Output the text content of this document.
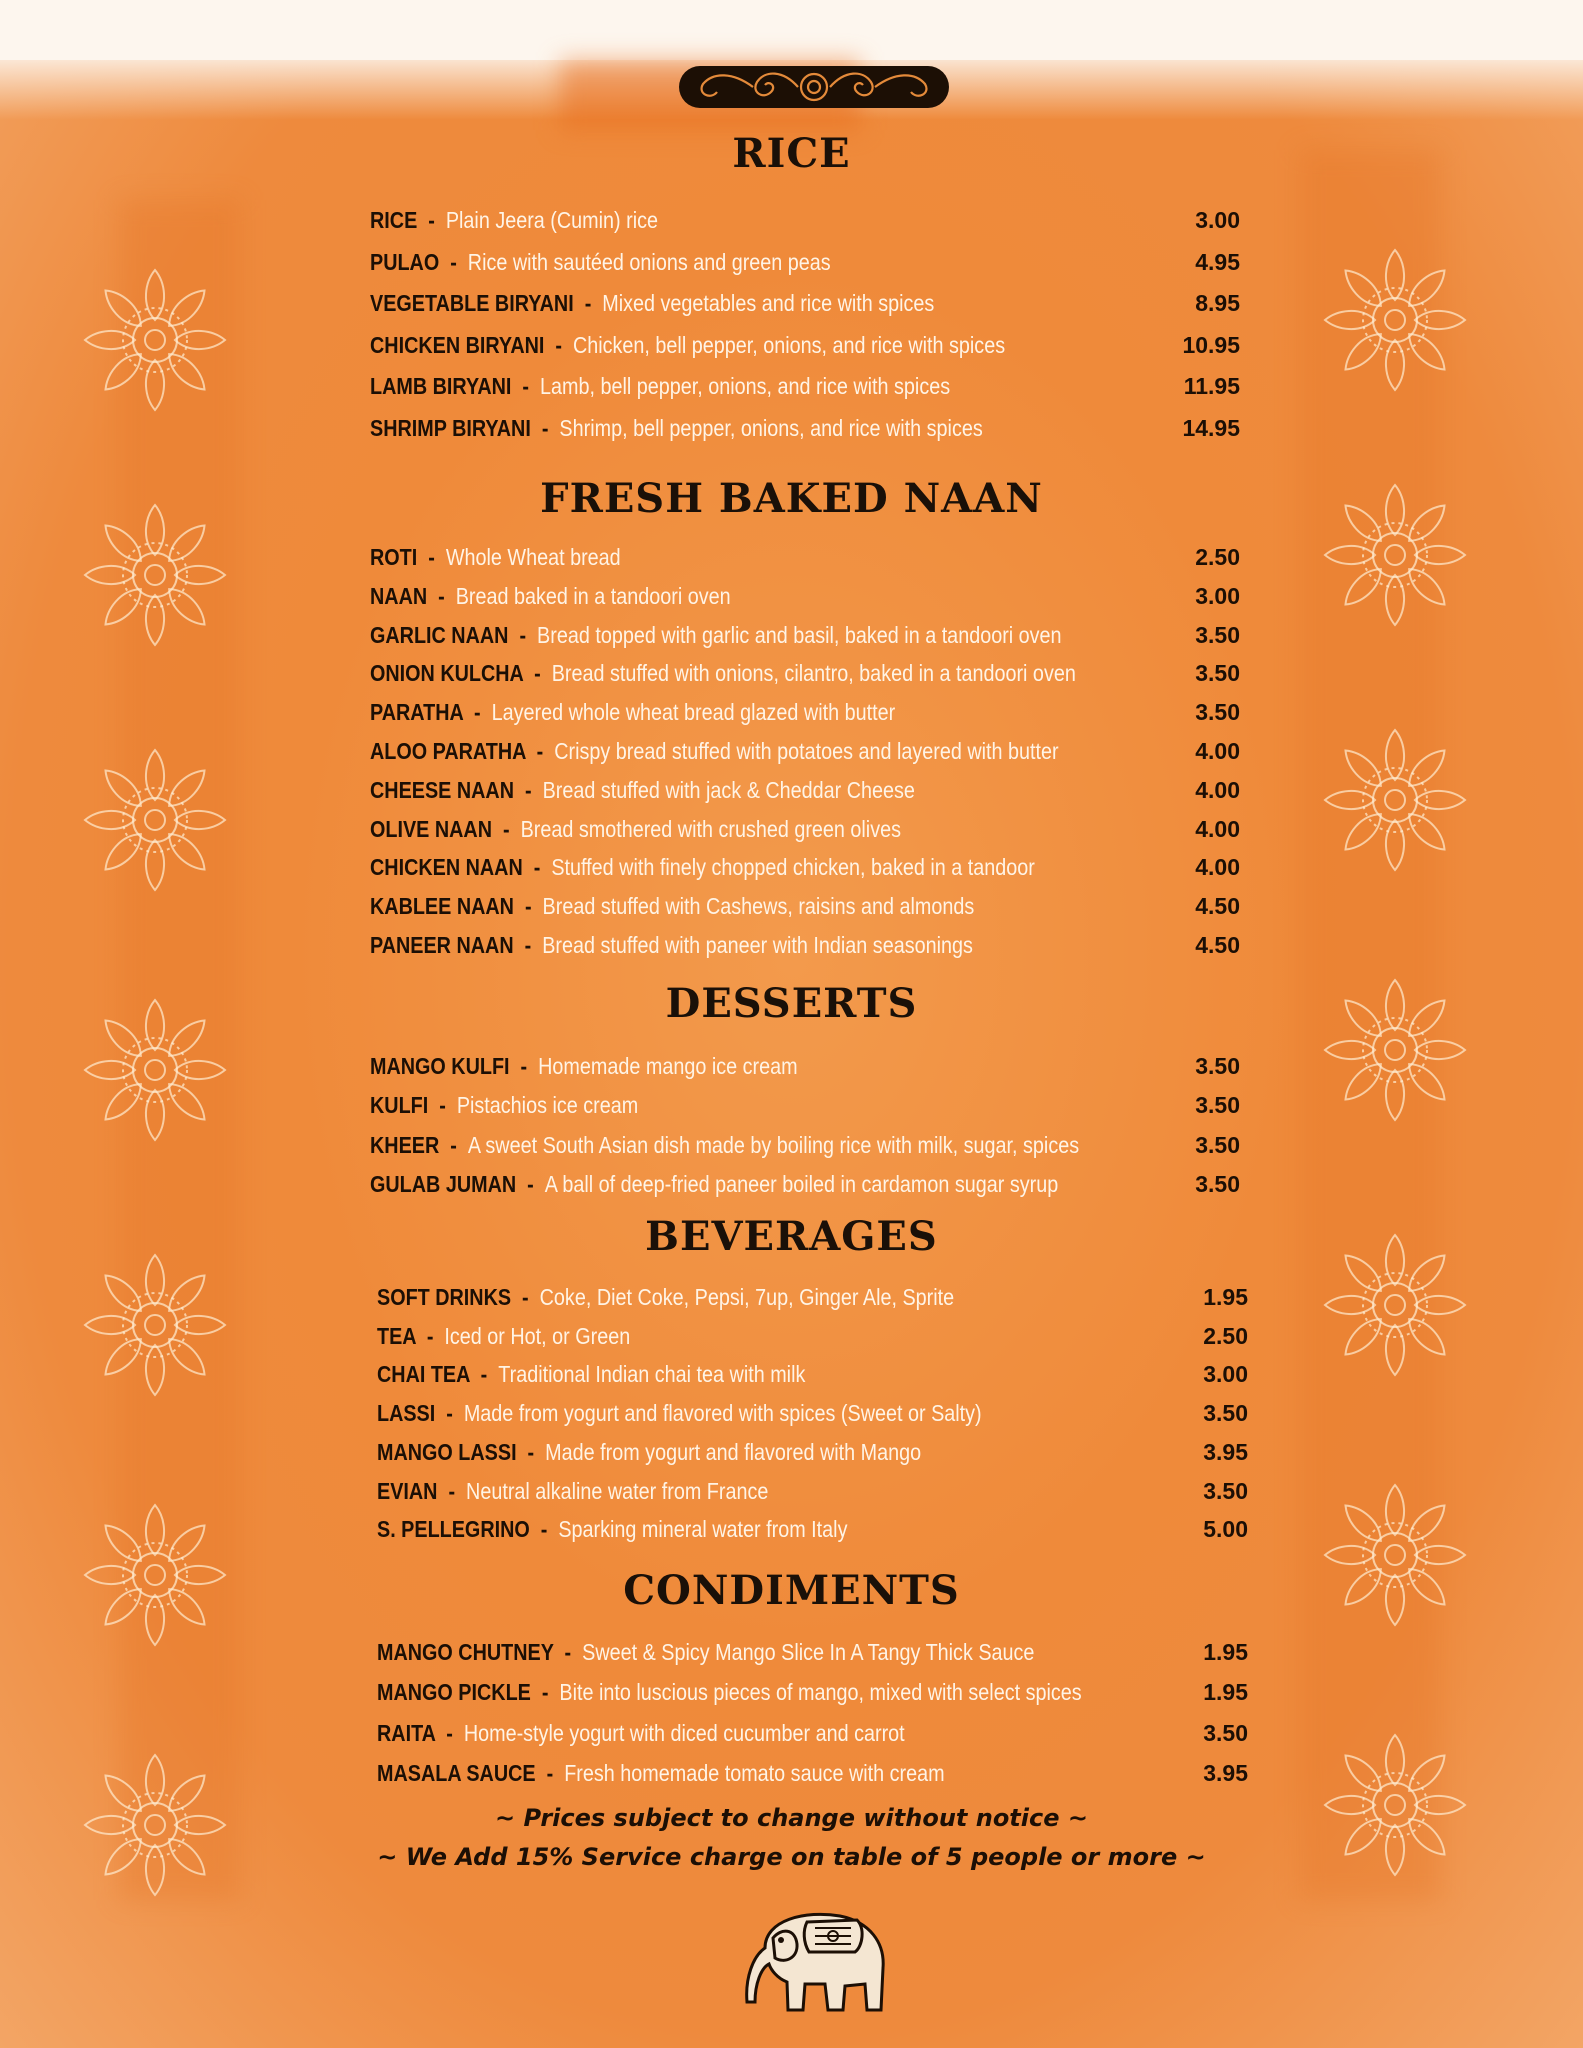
RICE
RICE  -  Plain Jeera (Cumin) rice	3.00
PULAO  -  Rice with sautéed onions and green peas	4.95
VEGETABLE BIRYANI  -  Mixed vegetables and rice with spices	8.95
CHICKEN BIRYANI  -  Chicken, bell pepper, onions, and rice with spices	10.95
LAMB BIRYANI  -  Lamb, bell pepper, onions, and rice with spices	11.95
SHRIMP BIRYANI  -  Shrimp, bell pepper, onions, and rice with spices	14.95
FRESH BAKED NAAN
ROTI  -  Whole Wheat bread	2.50
NAAN  -  Bread baked in a tandoori oven	3.00
GARLIC NAAN  -  Bread topped with garlic and basil, baked in a tandoori oven	3.50
ONION KULCHA  -  Bread stuffed with onions, cilantro, baked in a tandoori oven	3.50
PARATHA  -  Layered whole wheat bread glazed with butter	3.50
ALOO PARATHA  -  Crispy bread stuffed with potatoes and layered with butter	4.00
CHEESE NAAN  -  Bread stuffed with jack & Cheddar Cheese	4.00
OLIVE NAAN  -  Bread smothered with crushed green olives	4.00
CHICKEN NAAN  -  Stuffed with finely chopped chicken, baked in a tandoor	4.00
KABLEE NAAN  -  Bread stuffed with Cashews, raisins and almonds	4.50
PANEER NAAN  -  Bread stuffed with paneer with Indian seasonings	4.50
DESSERTS
MANGO KULFI  -  Homemade mango ice cream	3.50
KULFI  -  Pistachios ice cream	3.50
KHEER  -  A sweet South Asian dish made by boiling rice with milk, sugar, spices	3.50
GULAB JUMAN  -  A ball of deep-fried paneer boiled in cardamon sugar syrup	3.50
BEVERAGES
SOFT DRINKS  -  Coke, Diet Coke, Pepsi, 7up, Ginger Ale, Sprite	1.95
TEA  -  Iced or Hot, or Green	2.50
CHAI TEA  -  Traditional Indian chai tea with milk	3.00
LASSI  -  Made from yogurt and flavored with spices (Sweet or Salty)	3.50
MANGO LASSI  -  Made from yogurt and flavored with Mango	3.95
EVIAN  -  Neutral alkaline water from France	3.50
S. PELLEGRINO  -  Sparking mineral water from Italy	5.00
CONDIMENTS
MANGO CHUTNEY  -  Sweet & Spicy Mango Slice In A Tangy Thick Sauce	1.95
MANGO PICKLE  -  Bite into luscious pieces of mango, mixed with select spices	1.95
RAITA  -  Home-style yogurt with diced cucumber and carrot	3.50
MASALA SAUCE  -  Fresh homemade tomato sauce with cream	3.95
~ Prices subject to change without notice ~
~ We Add 15% Service charge on table of 5 people or more ~
